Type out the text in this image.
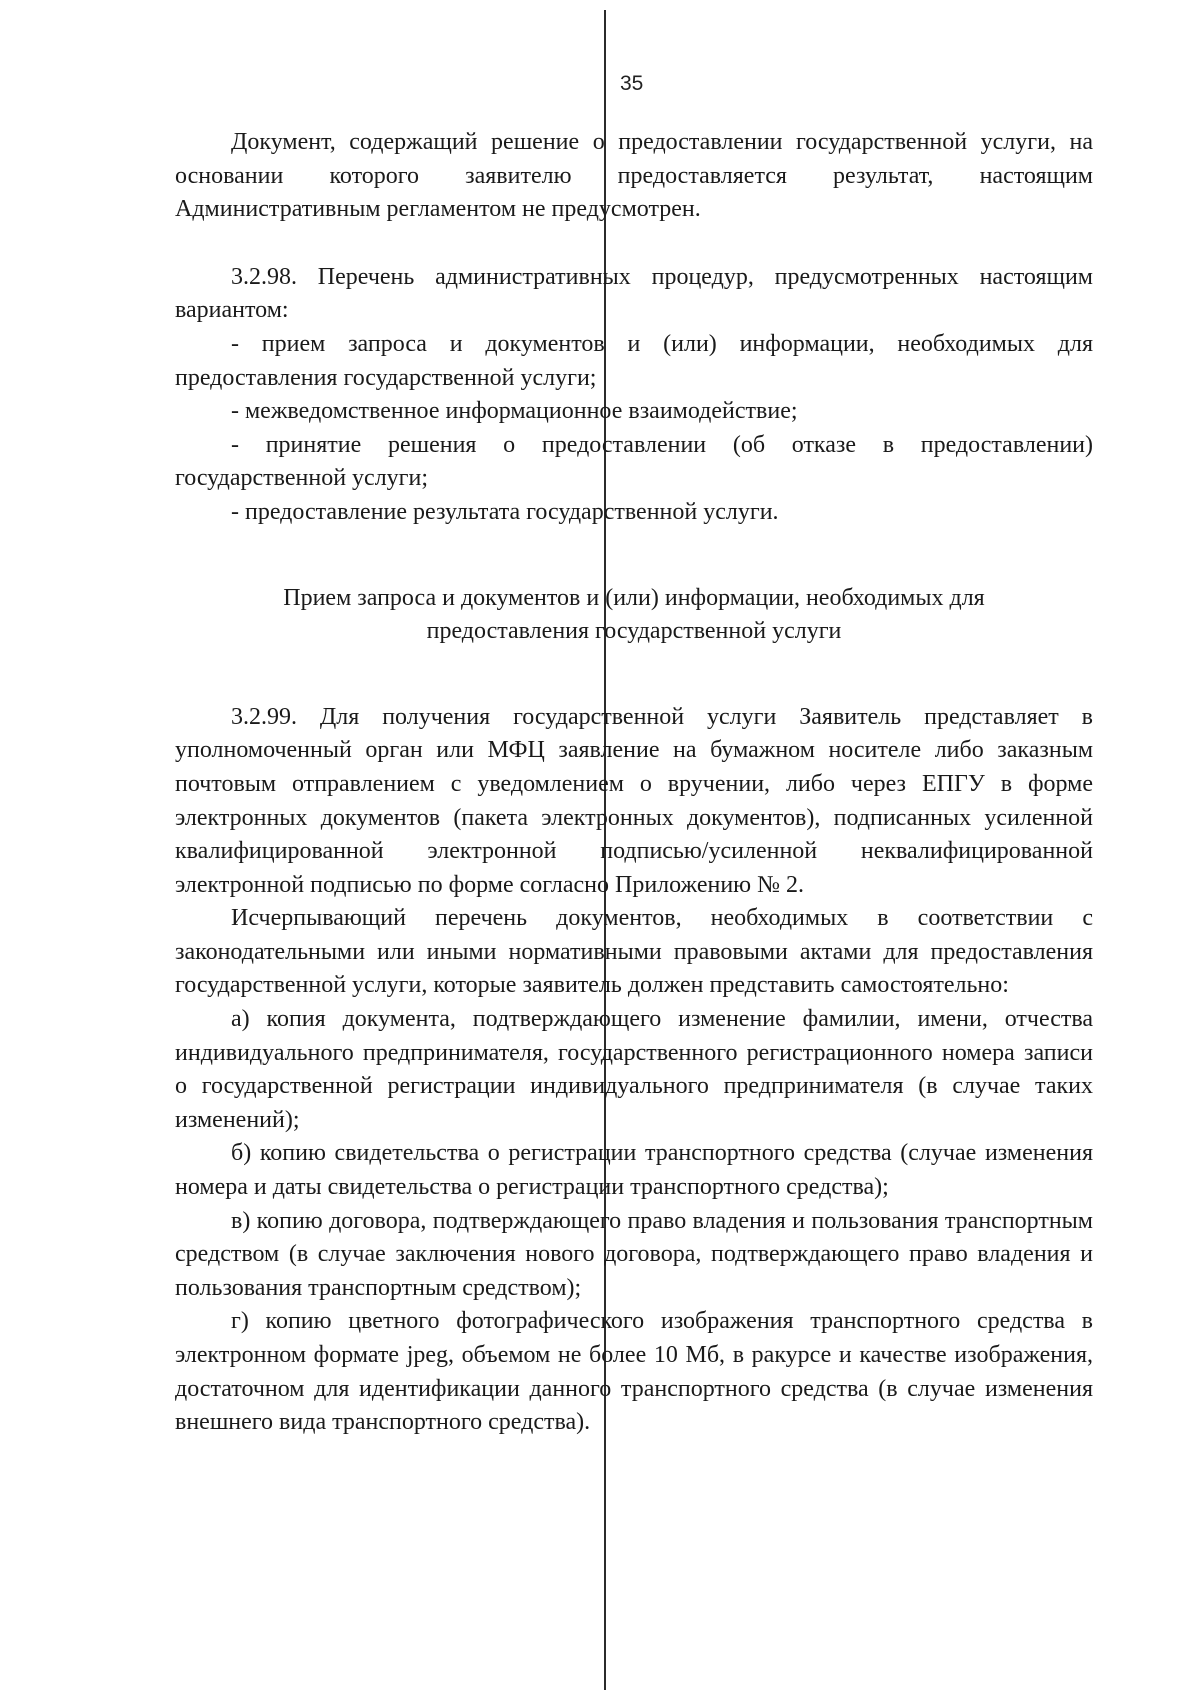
35

Документ, содержащий решение о предоставлении государственной услуги, на основании которого заявителю предоставляется результат, настоящим Административным регламентом не предусмотрен.

3.2.98. Перечень административных процедур, предусмотренных настоящим вариантом:

- прием запроса и документов и (или) информации, необходимых для предоставления государственной услуги;

- межведомственное информационное взаимодействие;

- принятие решения о предоставлении (об отказе в предоставлении) государственной услуги;

- предоставление результата государственной услуги.

Прием запроса и документов и (или) информации, необходимых для предоставления государственной услуги

3.2.99. Для получения государственной услуги Заявитель представляет в уполномоченный орган или МФЦ заявление на бумажном носителе либо заказным почтовым отправлением с уведомлением о вручении, либо через ЕПГУ в форме электронных документов (пакета электронных документов), подписанных усиленной квалифицированной электронной подписью/усиленной неквалифицированной электронной подписью по форме согласно Приложению № 2.

Исчерпывающий перечень документов, необходимых в соответствии с законодательными или иными нормативными правовыми актами для предоставления государственной услуги, которые заявитель должен представить самостоятельно:

а) копия документа, подтверждающего изменение фамилии, имени, отчества индивидуального предпринимателя, государственного регистрационного номера записи о государственной регистрации индивидуального предпринимателя (в случае таких изменений);

б) копию свидетельства о регистрации транспортного средства (случае изменения номера и даты свидетельства о регистрации транспортного средства);

в) копию договора, подтверждающего право владения и пользования транспортным средством (в случае заключения нового договора, подтверждающего право владения и пользования транспортным средством);

г) копию цветного фотографического изображения транспортного средства в электронном формате jpeg, объемом не более 10 Мб, в ракурсе и качестве изображения, достаточном для идентификации данного транспортного средства (в случае изменения внешнего вида транспортного средства).
